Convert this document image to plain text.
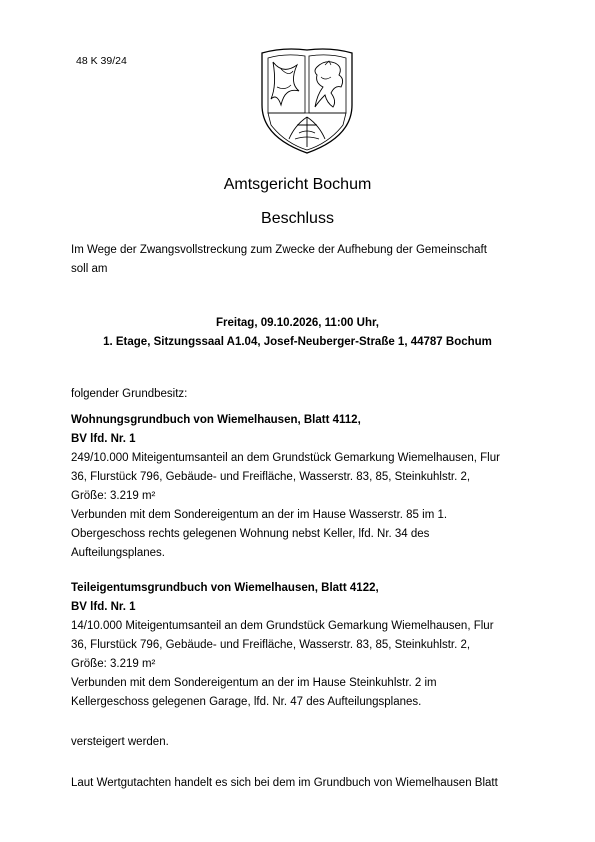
48 K 39/24
Amtsgericht Bochum
Beschluss

Im Wege der Zwangsvollstreckung zum Zwecke der Aufhebung der Gemeinschaft

soll am

Freitag, 09.10.2026, 11:00 Uhr,
1. Etage, Sitzungssaal A1.04, Josef-Neuberger-Straße 1, 44787 Bochum

folgender Grundbesitz:

Wohnungsgrundbuch von Wiemelhausen, Blatt 4112,

BV lfd. Nr. 1

249/10.000 Miteigentumsanteil an dem Grundstück Gemarkung Wiemelhausen, Flur

36, Flurstück 796, Gebäude- und Freifläche, Wasserstr. 83, 85, Steinkuhlstr. 2,

Größe: 3.219 m²

Verbunden mit dem Sondereigentum an der im Hause Wasserstr. 85 im 1.

Obergeschoss rechts gelegenen Wohnung nebst Keller, lfd. Nr. 34 des

Aufteilungsplanes.

Teileigentumsgrundbuch von Wiemelhausen, Blatt 4122,

BV lfd. Nr. 1

14/10.000 Miteigentumsanteil an dem Grundstück Gemarkung Wiemelhausen, Flur

36, Flurstück 796, Gebäude- und Freifläche, Wasserstr. 83, 85, Steinkuhlstr. 2,

Größe: 3.219 m²

Verbunden mit dem Sondereigentum an der im Hause Steinkuhlstr. 2 im

Kellergeschoss gelegenen Garage, lfd. Nr. 47 des Aufteilungsplanes.

versteigert werden.

Laut Wertgutachten handelt es sich bei dem im Grundbuch von Wiemelhausen Blatt
